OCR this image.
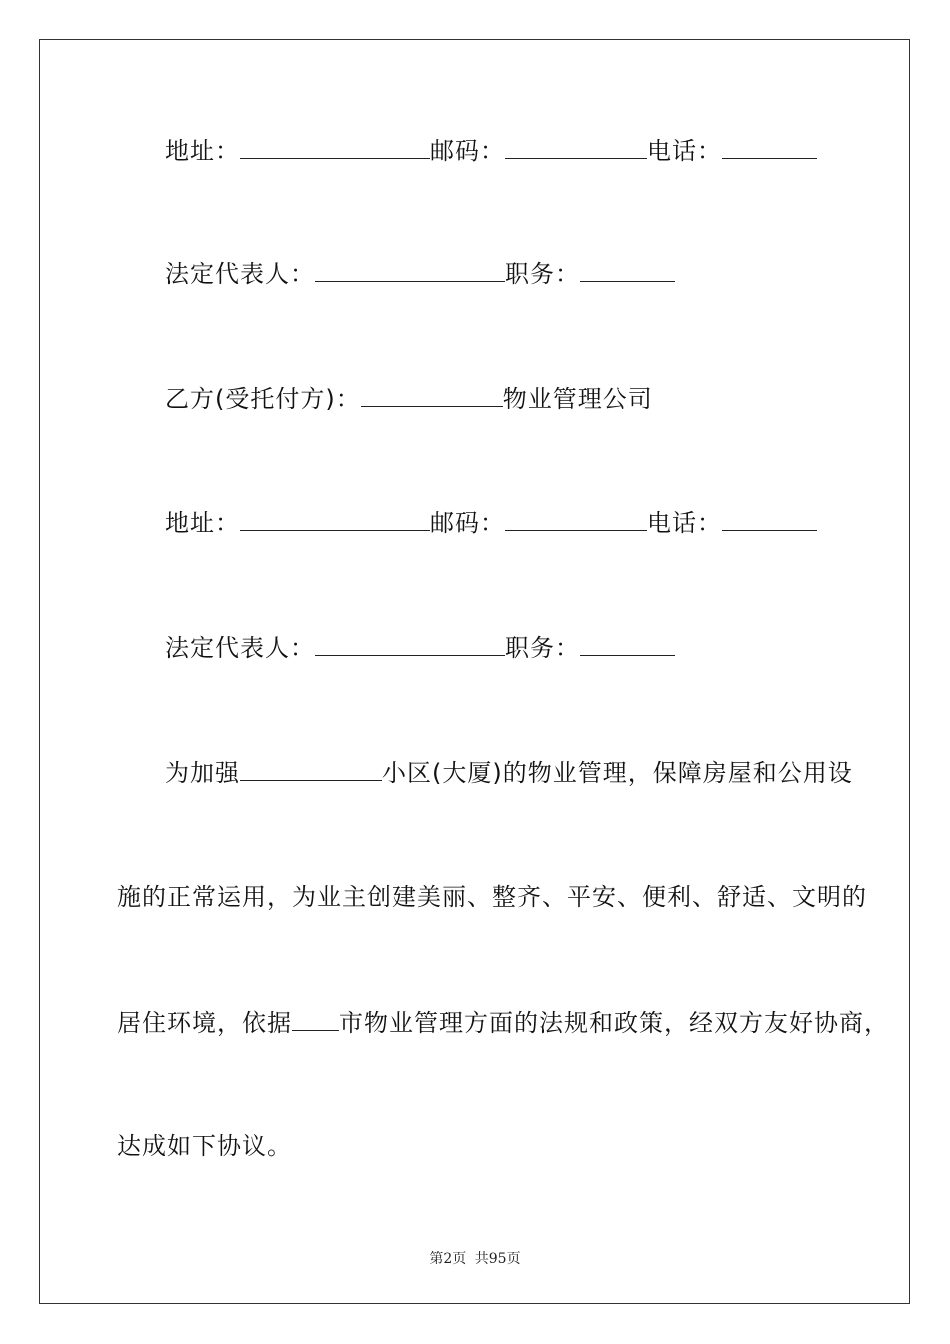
地址：	邮码：	电话：
法定代表人：	职务：
乙方(受托付方)：	物业管理公司
地址：	邮码：	电话：
法定代表人：	职务：
为加强	小区(大厦)的物业管理，保障房屋和公用设
施的正常运用，为业主创建美丽、整齐、平安、便利、舒适、文明的
居住环境，依据 市物业管理方面的法规和政策，经双方友好协商，
达成如下协议。
第2页 共95页
